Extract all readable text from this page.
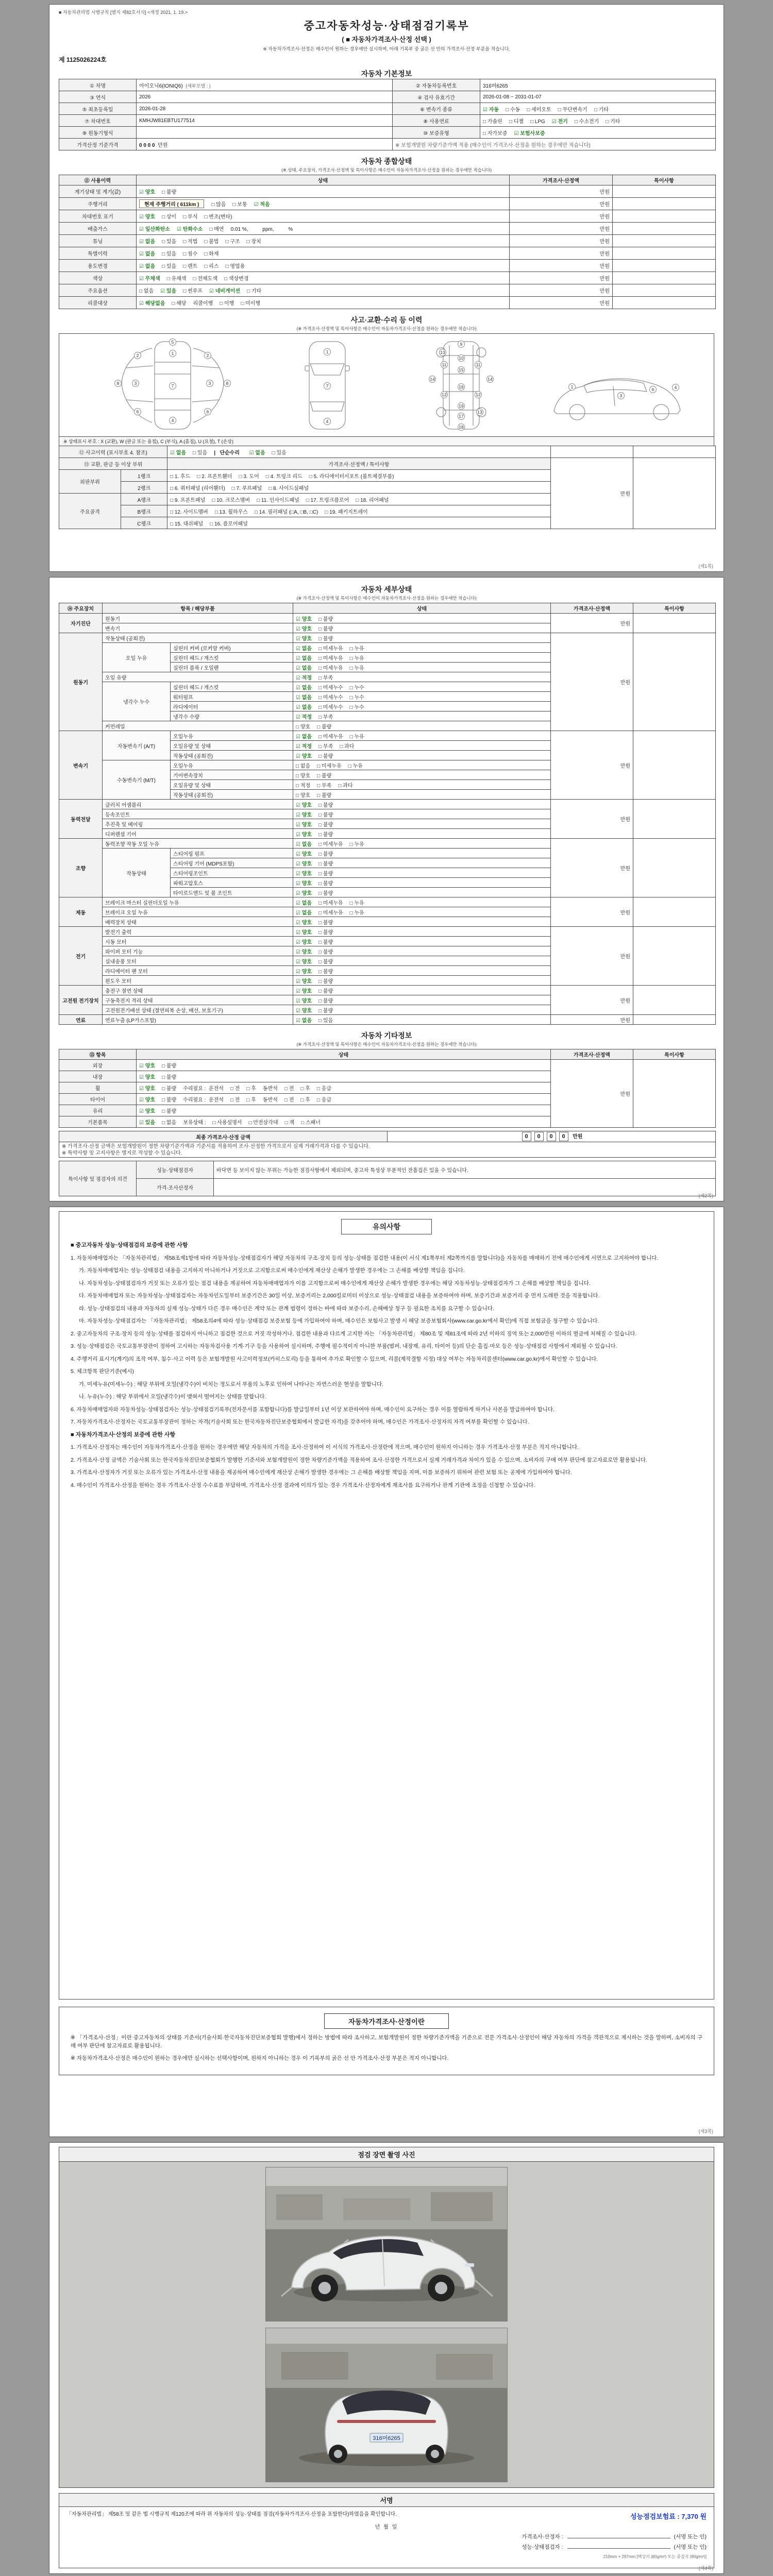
■ 자동차관리법 시행규칙 [별지 제82호서식] <개정 2021. 1. 19.>
중고자동차성능·상태점검기록부
( ■ 자동차가격조사·산정 선택 )
※ 자동차가격조사·산정은 매수인이 원하는 경우에만 실시하며, 아래 기록부 중 굵은 선 안의 가격조사·산정 부분을 적습니다.
제 1125026224호
자동차 기본정보
① 차명	아이오닉6(IONIQ6) (세부모델 : )	② 자동차등록번호	316머6265
③ 연식	2026	④ 검사 유효기간	2026-01-08 ~ 2031-01-07
⑤ 최초등록일	2026-01-28	⑥ 변속기 종류	☑ 자동 □ 수동 □ 세미오토 □ 무단변속기 □ 기타
⑦ 차대번호	KMHJW81EBTU177514	⑧ 사용연료	□ 가솔린 □ 디젤 □ LPG ☑ 전기 □ 수소전기 □ 기타
⑨ 원동기형식		⑩ 보증유형	□ 자가보증 ☑ 보험사보증
가격산정 기준가격	0 0 0 0 만원	※ 보험개발원 차량기준가액 적용 (매수인이 가격조사·산정을 원하는 경우에만 적습니다)	
자동차 종합상태
(※ 상태, 주요장치, 가격조사·산정액 및 특이사항은 매수인이 자동차가격조사·산정을 원하는 경우에만 적습니다)
⑪ 사용이력	상태	가격조사·산정액	특이사항
계기상태 및 계기(값)	☑ 양호 □ 불량	만원	
주행거리	현재 주행거리 ( 611km ) □ 많음 □ 보통 ☑ 적음	만원	
차대번호 표기	☑ 양호 □ 상이 □ 부식 □ 변조(변타)	만원	
배출가스	☑ 일산화탄소 ☑ 탄화수소 □ 매연 0.01 %,          ppm,          %	만원	
튜닝	☑ 없음 □ 있음 □ 적법 □ 불법 □ 구조 □ 장치	만원	
특별이력	☑ 없음 □ 있음 □ 침수 □ 화재	만원	
용도변경	☑ 없음 □ 있음 □ 렌트 □ 리스 □ 영업용	만원	
색상	☑ 무채색 □ 유채색 □ 전체도색 □ 색상변경	만원	
주요옵션	□ 없음 ☑ 있음 □ 썬루프 ☑ 네비게이션 □ 기타	만원	
리콜대상	☑ 해당없음 □ 해당 리콜이행 □ 이행 □ 미이행	만원	
사고·교환·수리 등 이력
(※ 가격조사·산정액 및 특이사항은 매수인이 자동차가격조사·산정을 원하는 경우에만 적습니다)
5
1
7
4
2	2
3	3
6	6
8	8	7
1
4
9
10
15
16
19
17
18
11	11
12	12
13
13
14	14
1
3
6	4
※ 상태표시 부호 : X (교환), W (판금 또는 용접), C (부식), A (흠집), U (요철), T (손상)
⑫ 사고이력 (표시부호 4. 참조)		☑ 없음 □ 있음 |   단순수리  ☑ 없음 □ 있음		
⑬ 교환, 판금 등 이상 부위		가격조사·산정액 / 특이사항	만원	
외판부위	1랭크	□ 1. 후드 □ 2. 프론트휀더 □ 3. 도어 □ 4. 트렁크 리드 □ 5. 라디에이터서포트 (볼트체결부품)		
	2랭크	□ 6. 쿼터패널 (리어휀더) □ 7. 루프패널 □ 8. 사이드실패널		
주요골격	A랭크	□ 9. 프론트패널 □ 10. 크로스멤버 □ 11. 인사이드패널 □ 17. 트렁크플로어 □ 18. 리어패널		
	B랭크	□ 12. 사이드멤버 □ 13. 휠하우스 □ 14. 필러패널 (□A, □B, □C) □ 19. 패키지트레이		
	C랭크	□ 15. 대쉬패널 □ 16. 플로어패널		
(제1쪽)
자동차 세부상태
(※ 가격조사·산정액 및 특이사항은 매수인이 자동차가격조사·산정을 원하는 경우에만 적습니다)
⑭ 주요장치	항목 / 해당부품		상태	가격조사·산정액	특이사항
자기진단	원동기		☑ 양호 □ 불량	만원	
	변속기		☑ 양호 □ 불량		
원동기	작동상태 (공회전)		☑ 양호 □ 불량	만원	
	오일 누유	실린더 커버 (로커암 커버)	☑ 없음 □ 미세누유 □ 누유		
		실린더 헤드 / 개스킷	☑ 없음 □ 미세누유 □ 누유		
		실린더 블록 / 오일팬	☑ 없음 □ 미세누유 □ 누유		
	오일 유량		☑ 적정 □ 부족		
	냉각수 누수	실린더 헤드 / 개스킷	☑ 없음 □ 미세누수 □ 누수		
		워터펌프	☑ 없음 □ 미세누수 □ 누수		
		라디에이터	☑ 없음 □ 미세누수 □ 누수		
		냉각수 수량	☑ 적정 □ 부족		
	커먼레일		□ 양호 □ 불량		
변속기	자동변속기 (A/T)	오일누유	☑ 없음 □ 미세누유 □ 누유	만원	
		오일유량 및 상태	☑ 적정 □ 부족 □ 과다		
		작동상태 (공회전)	☑ 양호 □ 불량		
	수동변속기 (M/T)	오일누유	□ 없음 □ 미세누유 □ 누유		
		기어변속장치	□ 양호 □ 불량		
		오일유량 및 상태	□ 적정 □ 부족 □ 과다		
		작동상태 (공회전)	□ 양호 □ 불량		
동력전달	클러치 어셈블리		☑ 양호 □ 불량	만원	
	등속조인트		☑ 양호 □ 불량		
	추진축 및 베어링		☑ 양호 □ 불량		
	디퍼렌셜 기어		☑ 양호 □ 불량		
조향	동력조향 작동 오일 누유		☑ 없음 □ 미세누유 □ 누유	만원	
	작동상태	스티어링 펌프	☑ 양호 □ 불량		
		스티어링 기어 (MDPS포함)	☑ 양호 □ 불량		
		스티어링조인트	☑ 양호 □ 불량		
		파워고압호스	☑ 양호 □ 불량		
		타이로드엔드 및 볼 조인트	☑ 양호 □ 불량		
제동	브레이크 마스터 실린더오일 누유		☑ 없음 □ 미세누유 □ 누유	만원	
	브레이크 오일 누유		☑ 없음 □ 미세누유 □ 누유		
	배력장치 상태		☑ 양호 □ 불량		
전기	발전기 출력		☑ 양호 □ 불량	만원	
	시동 모터		☑ 양호 □ 불량		
	와이퍼 모터 기능		☑ 양호 □ 불량		
	실내송풍 모터		☑ 양호 □ 불량		
	라디에이터 팬 모터		☑ 양호 □ 불량		
	윈도우 모터		☑ 양호 □ 불량		
고전원 전기장치	충전구 절연 상태		☑ 양호 □ 불량	만원	
	구동축전지 격리 상태		☑ 양호 □ 불량		
	고전원전기배선 상태 (절연피복 손상, 배선, 보호기구)		☑ 양호 □ 불량		
연료	연료누출 (LP가스포함)		☑ 없음 □ 있음	만원	
자동차 기타정보
(※ 가격조사·산정액 및 특이사항은 매수인이 자동차가격조사·산정을 원하는 경우에만 적습니다)
⑮ 항목	상태	가격조사·산정액	특이사항
외장	☑ 양호 □ 불량	만원	
내장	☑ 양호 □ 불량		
휠	☑ 양호 □ 불량 수리필요 :  운전석 □ 전 □ 후 동반석 □ 전 □ 후 □ 응급		
타이어	☑ 양호 □ 불량 수리필요 :  운전석 □ 전 □ 후 동반석 □ 전 □ 후 □ 응급		
유리	☑ 양호 □ 불량		
기본품목	☑ 있음 □ 없음 보유상태 : □ 사용설명서 □ 안전삼각대 □ 잭 □ 스패너		
최종 가격조사·산정 금액	0 0 0 0 만원

※ 가격조사·산정 금액은 보험개발원이 정한 차량기준가액과 기준서를 적용하여 조사·산정한 가격으로서 실제 거래가격과 다를 수 있습니다.
※ 특약사항 및 고지사항은 별지로 작성할 수 있습니다.
특이사항 및 점검자의 의견	성능·상태점검자	바닥면 등 보이지 않는 부위는 가능한 점검사항에서 제외되며, 중고차 특성상 부분적인 잔흠집은 있을 수 있습니다.
	가격·조사산정자	
(제2쪽)
유의사항

■ 중고자동차 성능·상태점검의 보증에 관한 사항

1. 자동차매매업자는 「자동차관리법」 제58조제1항에 따라 자동차성능·상태점검자가 해당 자동차의 구조·장치 등의 성능·상태를 점검한 내용(이 서식 제1쪽부터 제2쪽까지를 말합니다)을 자동차를 매매하기 전에 매수인에게 서면으로 고지하여야 합니다.

가. 자동차매매업자는 성능·상태점검 내용을 고지하지 아니하거나 거짓으로 고지함으로써 매수인에게 재산상 손해가 발생한 경우에는 그 손해를 배상할 책임을 집니다.

나. 자동차성능·상태점검자가 거짓 또는 오류가 있는 점검 내용을 제공하여 자동차매매업자가 이를 고지함으로써 매수인에게 재산상 손해가 발생한 경우에는 해당 자동차성능·상태점검자가 그 손해를 배상할 책임을 집니다.

다. 자동차매매업자 또는 자동차성능·상태점검자는 자동차인도일부터 보증기간은 30일 이상, 보증거리는 2,000킬로미터 이상으로 성능·상태점검 내용을 보증하여야 하며, 보증기간과 보증거리 중 먼저 도래한 것을 적용합니다.

라. 성능·상태점검의 내용과 자동차의 실제 성능·상태가 다른 경우 매수인은 계약 또는 관계 법령이 정하는 바에 따라 보증수리, 손해배상 청구 등 필요한 조치를 요구할 수 있습니다.

마. 자동차성능·상태점검자는 「자동차관리법」 제58조의4에 따라 성능·상태점검 보증보험 등에 가입하여야 하며, 매수인은 보험사고 발생 시 해당 보증보험회사(www.car.go.kr에서 확인)에 직접 보험금을 청구할 수 있습니다.

2. 중고자동차의 구조·장치 등의 성능·상태를 점검하지 아니하고 점검한 것으로 거짓 작성하거나, 점검한 내용과 다르게 고지한 자는 「자동차관리법」 제80조 및 제81조에 따라 2년 이하의 징역 또는 2,000만원 이하의 벌금에 처해질 수 있습니다.

3. 성능·상태점검은 국토교통부장관이 정하여 고시하는 자동차검사용 기계·기구 등을 사용하여 실시하며, 주행에 필수적이지 아니한 부품(범퍼, 내장재, 유리, 타이어 등)의 단순 흠집·마모 등은 성능·상태점검 사항에서 제외될 수 있습니다.

4. 주행거리 표시기(계기)의 조작 여부, 침수·사고 이력 등은 보험개발원 사고이력정보(카히스토리) 등을 통하여 추가로 확인할 수 있으며, 리콜(제작결함 시정) 대상 여부는 자동차리콜센터(www.car.go.kr)에서 확인할 수 있습니다.

5. 체크항목 판단기준(예시)

가. 미세누유(미세누수) : 해당 부위에 오일(냉각수)이 비치는 정도로서 부품의 노후로 인하여 나타나는 자연스러운 현상을 말합니다.

나. 누유(누수) : 해당 부위에서 오일(냉각수)이 맺혀서 떨어지는 상태를 말합니다.

6. 자동차매매업자와 자동차성능·상태점검자는 성능·상태점검기록부(전자문서를 포함합니다)를 발급일부터 1년 이상 보관하여야 하며, 매수인이 요구하는 경우 이를 열람하게 하거나 사본을 발급하여야 합니다.

7. 자동차가격조사·산정자는 국토교통부장관이 정하는 자격(기술사회 또는 한국자동차진단보증협회에서 발급한 자격)을 갖추어야 하며, 매수인은 가격조사·산정자의 자격 여부를 확인할 수 있습니다.

■ 자동차가격조사·산정의 보증에 관한 사항

1. 가격조사·산정자는 매수인이 자동차가격조사·산정을 원하는 경우에만 해당 자동차의 가격을 조사·산정하여 이 서식의 가격조사·산정란에 적으며, 매수인이 원하지 아니하는 경우 가격조사·산정 부분은 적지 아니합니다.

2. 가격조사·산정 금액은 기술사회 또는 한국자동차진단보증협회가 발행한 기준서와 보험개발원이 정한 차량기준가액을 적용하여 조사·산정한 가격으로서 실제 거래가격과 차이가 있을 수 있으며, 소비자의 구매 여부 판단에 참고자료로만 활용됩니다.

3. 가격조사·산정자가 거짓 또는 오류가 있는 가격조사·산정 내용을 제공하여 매수인에게 재산상 손해가 발생한 경우에는 그 손해를 배상할 책임을 지며, 이를 보증하기 위하여 관련 보험 또는 공제에 가입하여야 합니다.

4. 매수인이 가격조사·산정을 원하는 경우 가격조사·산정 수수료를 부담하며, 가격조사·산정 결과에 이의가 있는 경우 가격조사·산정자에게 재조사를 요구하거나 관계 기관에 조정을 신청할 수 있습니다.

자동차가격조사·산정이란

※ 「가격조사·산정」이란 중고자동차의 상태를 기준서(기술사회·한국자동차진단보증협회 발행)에서 정하는 방법에 따라 조사하고, 보험개발원이 정한 차량기준가액을 기준으로 전문 가격조사·산정인이 해당 자동차의 가격을 객관적으로 제시하는 것을 말하며, 소비자의 구매 여부 판단에 참고자료로 활용됩니다.

※ 자동차가격조사·산정은 매수인이 원하는 경우에만 실시하는 선택사항이며, 원하지 아니하는 경우 이 기록부의 굵은 선 안 가격조사·산정 부분은 적지 아니합니다.

(제3쪽)
점검 장면 촬영 사진
316머6265
서명
성능점검보험료 : 7,370 원
「자동차관리법」 제58조 및 같은 법 시행규칙 제120조에 따라 위 자동차의 성능·상태를 점검(자동차가격조사·산정을 포함한다)하였음을 확인합니다.
년 월 일
가격조사·산정자 :	(서명 또는 인)
성능·상태점검자 :	(서명 또는 인)
210mm × 297mm [백상지 (80g/m²) 또는 중질지 (80g/m²)]
(제4쪽)
